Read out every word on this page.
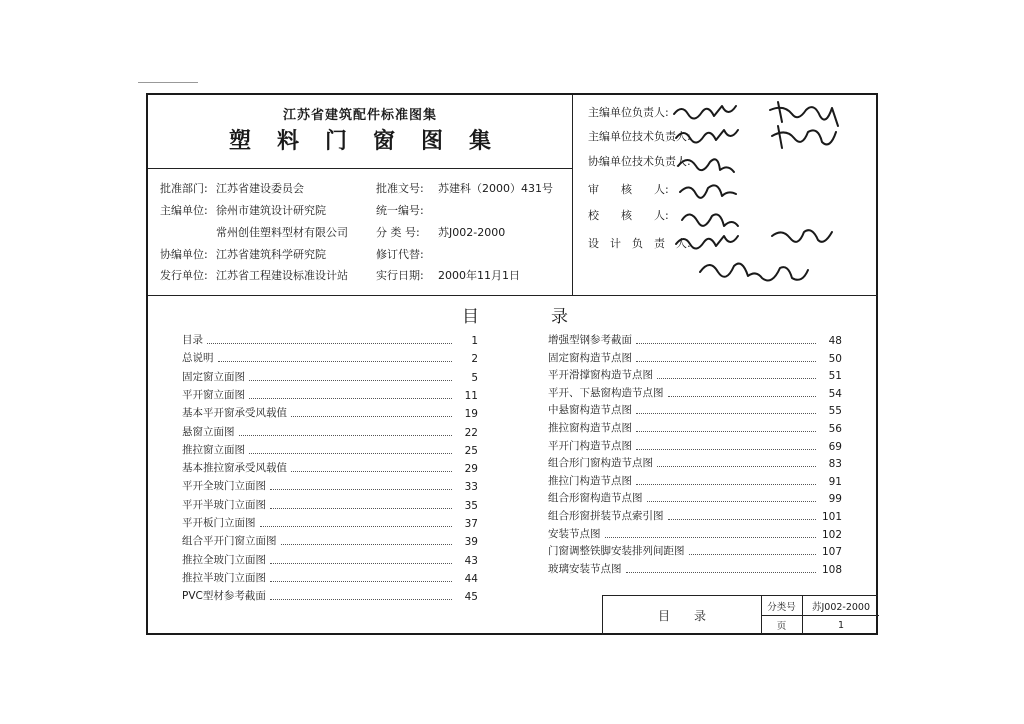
江苏省建筑配件标准图集
塑料门窗图集
批准部门: 江苏省建设委员会
主编单位: 徐州市建筑设计研究院
常州创佳塑料型材有限公司
协编单位: 江苏省建筑科学研究院
发行单位: 江苏省工程建设标准设计站
批准文号: 苏建科（2000）431号
统一编号:
分 类 号: 苏J002-2000
修订代替:
实行日期: 2000年11月1日
主编单位负责人:
主编单位技术负责人:
协编单位技术负责人:
审　　核　　人:
校　　核　　人:
设　计　负　责　人:
目	录
目录	1
总说明	2
固定窗立面图	5
平开窗立面图	11
基本平开窗承受风载值	19
悬窗立面图	22
推拉窗立面图	25
基本推拉窗承受风载值	29
平开全玻门立面图	33
平开半玻门立面图	35
平开板门立面图	37
组合平开门窗立面图	39
推拉全玻门立面图	43
推拉半玻门立面图	44
PVC型材参考截面	45
增强型钢参考截面	48
固定窗构造节点图	50
平开滑撑窗构造节点图	51
平开、下悬窗构造节点图	54
中悬窗构造节点图	55
推拉窗构造节点图	56
平开门构造节点图	69
组合形门窗构造节点图	83
推拉门构造节点图	91
组合形窗构造节点图	99
组合形窗拼装节点索引图	101
安装节点图	102
门窗调整铁脚安装排列间距图	107
玻璃安装节点图	108
目录
分类号	苏J002-2000
页	1
